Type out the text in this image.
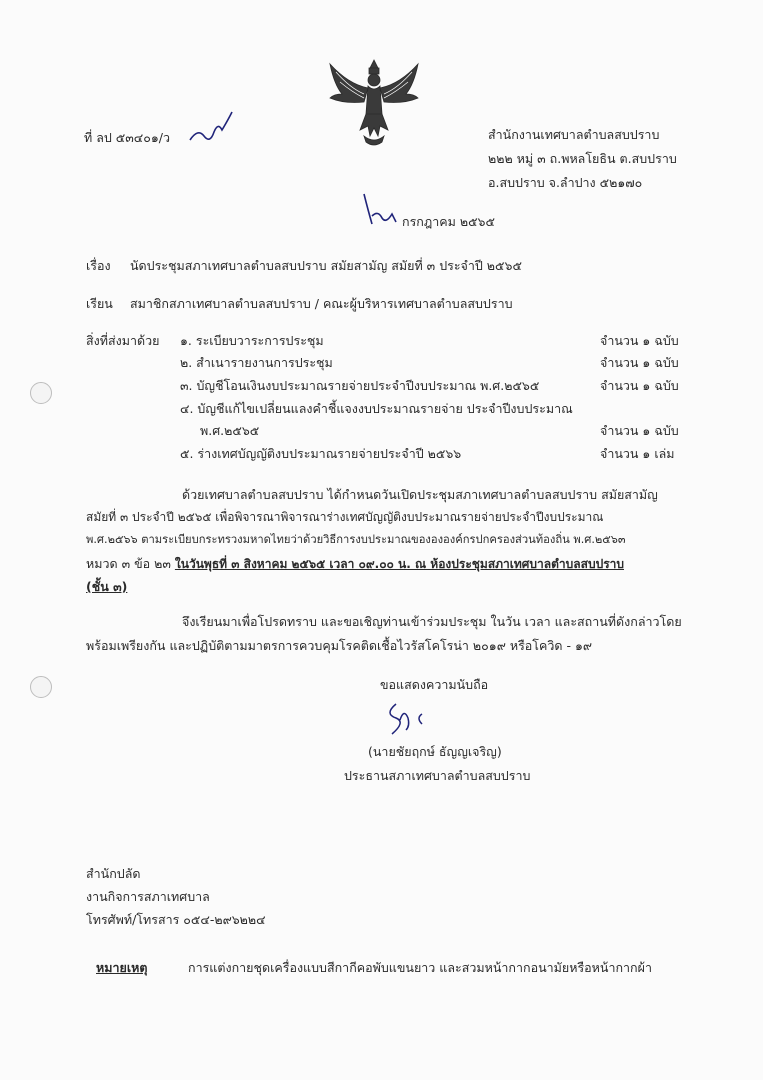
ที่ ลป ๕๓๔๐๑/ว	สำนักงานเทศบาลตำบลสบปราบ
๒๒๒ หมู่ ๓ ถ.พหลโยธิน ต.สบปราบ
อ.สบปราบ จ.ลำปาง ๕๒๑๗๐
กรกฎาคม ๒๕๖๕
เรื่อง นัดประชุมสภาเทศบาลตำบลสบปราบ สมัยสามัญ สมัยที่ ๓ ประจำปี ๒๕๖๕
เรียน สมาชิกสภาเทศบาลตำบลสบปราบ / คณะผู้บริหารเทศบาลตำบลสบปราบ
สิ่งที่ส่งมาด้วย ๑. ระเบียบวาระการประชุม	จำนวน ๑ ฉบับ
๒. สำเนารายงานการประชุม	จำนวน ๑ ฉบับ
๓. บัญชีโอนเงินงบประมาณรายจ่ายประจำปีงบประมาณ พ.ศ.๒๕๖๕	จำนวน ๑ ฉบับ
๔. บัญชีแก้ไขเปลี่ยนแลงคำชี้แจงงบประมาณรายจ่าย ประจำปีงบประมาณ
พ.ศ.๒๕๖๕	จำนวน ๑ ฉบับ
๕. ร่างเทศบัญญัติงบประมาณรายจ่ายประจำปี ๒๕๖๖	จำนวน ๑ เล่ม
ด้วยเทศบาลตำบลสบปราบ ได้กำหนดวันเปิดประชุมสภาเทศบาลตำบลสบปราบ สมัยสามัญ
สมัยที่ ๓ ประจำปี ๒๕๖๕ เพื่อพิจารณาพิจารณาร่างเทศบัญญัติงบประมาณรายจ่ายประจำปีงบประมาณ
พ.ศ.๒๕๖๖ ตามระเบียบกระทรวงมหาดไทยว่าด้วยวิธีการงบประมาณของององค์กรปกครองส่วนท้องถิ่น พ.ศ.๒๕๖๓
หมวด ๓ ข้อ ๒๓ ในวันพุธที่ ๓ สิงหาคม ๒๕๖๕ เวลา ๐๙.๐๐ น. ณ ห้องประชุมสภาเทศบาลตำบลสบปราบ
(ชั้น ๓)
จึงเรียนมาเพื่อโปรดทราบ และขอเชิญท่านเข้าร่วมประชุม ในวัน เวลา และสถานที่ดังกล่าวโดย
พร้อมเพรียงกัน และปฏิบัติตามมาตรการควบคุมโรคติดเชื้อไวรัสโคโรน่า ๒๐๑๙ หรือโควิด - ๑๙
ขอแสดงความนับถือ
(นายชัยฤกษ์ ธัญญเจริญ)
ประธานสภาเทศบาลตำบลสบปราบ
สำนักปลัด
งานกิจการสภาเทศบาล
โทรศัพท์/โทรสาร ๐๕๔-๒๙๖๒๒๔
หมายเหตุ	การแต่งกายชุดเครื่องแบบสีกากีคอพับแขนยาว และสวมหน้ากากอนามัยหรือหน้ากากผ้า
